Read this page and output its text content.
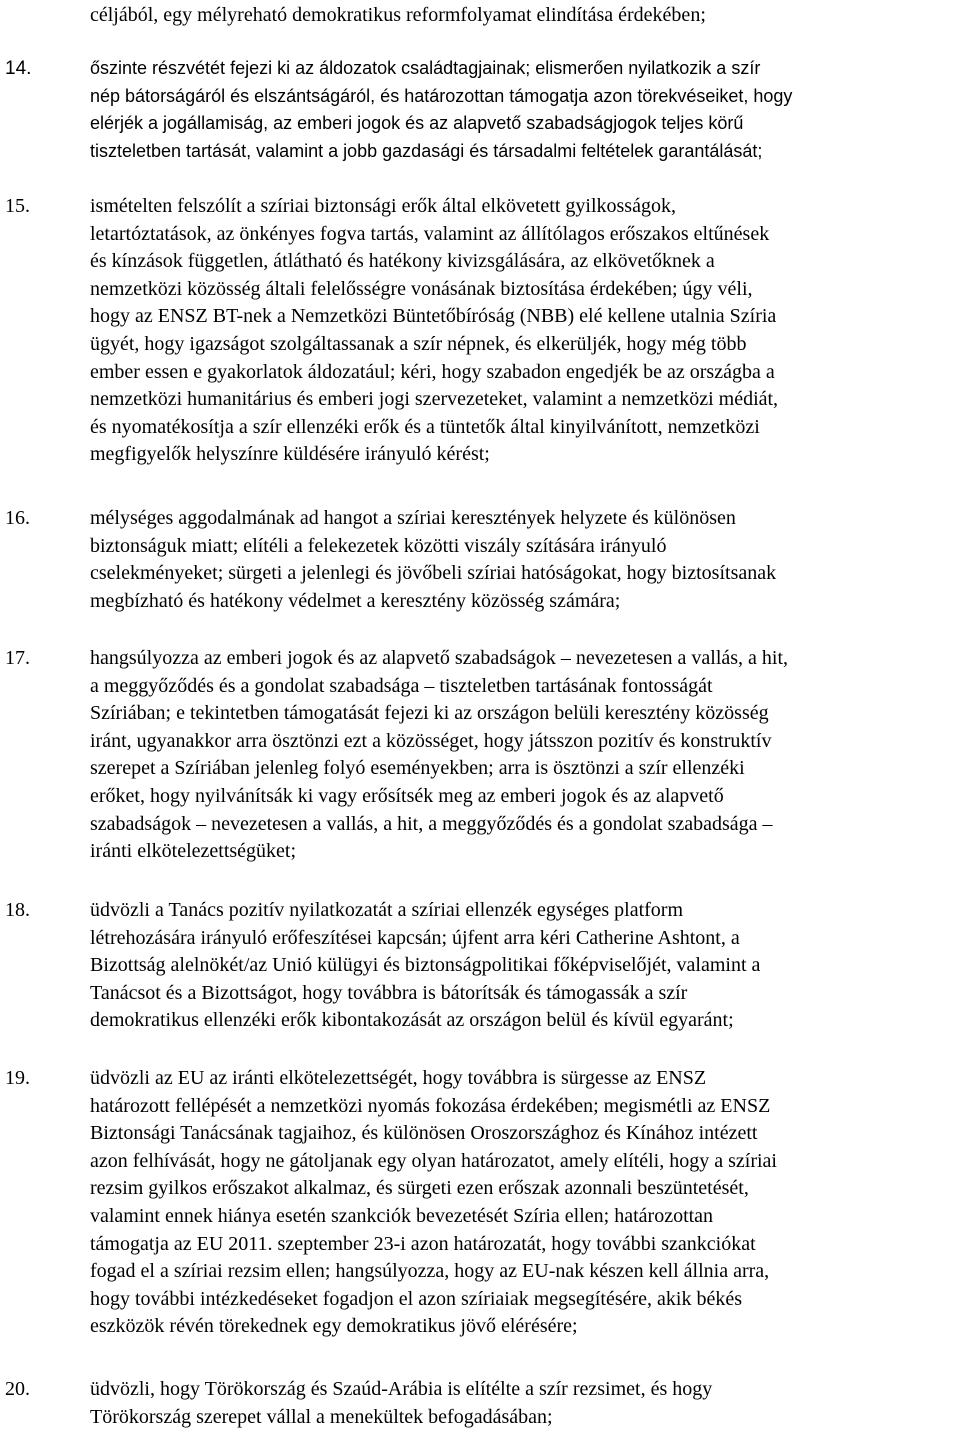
céljából, egy mélyreható demokratikus reformfolyamat elindítása érdekében;
14.	őszinte részvétét fejezi ki az áldozatok családtagjainak; elismerően nyilatkozik a szír
nép bátorságáról és elszántságáról, és határozottan támogatja azon törekvéseiket, hogy
elérjék a jogállamiság, az emberi jogok és az alapvető szabadságjogok teljes körű
tiszteletben tartását, valamint a jobb gazdasági és társadalmi feltételek garantálását;
15.	ismételten felszólít a szíriai biztonsági erők által elkövetett gyilkosságok,
letartóztatások, az önkényes fogva tartás, valamint az állítólagos erőszakos eltűnések
és kínzások független, átlátható és hatékony kivizsgálására, az elkövetőknek a
nemzetközi közösség általi felelősségre vonásának biztosítása érdekében; úgy véli,
hogy az ENSZ BT-nek a Nemzetközi Büntetőbíróság (NBB) elé kellene utalnia Szíria
ügyét, hogy igazságot szolgáltassanak a szír népnek, és elkerüljék, hogy még több
ember essen e gyakorlatok áldozatául; kéri, hogy szabadon engedjék be az országba a
nemzetközi humanitárius és emberi jogi szervezeteket, valamint a nemzetközi médiát,
és nyomatékosítja a szír ellenzéki erők és a tüntetők által kinyilvánított, nemzetközi
megfigyelők helyszínre küldésére irányuló kérést;
16.	mélységes aggodalmának ad hangot a szíriai keresztények helyzete és különösen
biztonságuk miatt; elítéli a felekezetek közötti viszály szítására irányuló
cselekményeket; sürgeti a jelenlegi és jövőbeli szíriai hatóságokat, hogy biztosítsanak
megbízható és hatékony védelmet a keresztény közösség számára;
17.	hangsúlyozza az emberi jogok és az alapvető szabadságok – nevezetesen a vallás, a hit,
a meggyőződés és a gondolat szabadsága – tiszteletben tartásának fontosságát
Szíriában; e tekintetben támogatását fejezi ki az országon belüli keresztény közösség
iránt, ugyanakkor arra ösztönzi ezt a közösséget, hogy játsszon pozitív és konstruktív
szerepet a Szíriában jelenleg folyó eseményekben; arra is ösztönzi a szír ellenzéki
erőket, hogy nyilvánítsák ki vagy erősítsék meg az emberi jogok és az alapvető
szabadságok – nevezetesen a vallás, a hit, a meggyőződés és a gondolat szabadsága –
iránti elkötelezettségüket;
18.	üdvözli a Tanács pozitív nyilatkozatát a szíriai ellenzék egységes platform
létrehozására irányuló erőfeszítései kapcsán; újfent arra kéri Catherine Ashtont, a
Bizottság alelnökét/az Unió külügyi és biztonságpolitikai főképviselőjét, valamint a
Tanácsot és a Bizottságot, hogy továbbra is bátorítsák és támogassák a szír
demokratikus ellenzéki erők kibontakozását az országon belül és kívül egyaránt;
19.	üdvözli az EU az iránti elkötelezettségét, hogy továbbra is sürgesse az ENSZ
határozott fellépését a nemzetközi nyomás fokozása érdekében; megismétli az ENSZ
Biztonsági Tanácsának tagjaihoz, és különösen Oroszországhoz és Kínához intézett
azon felhívását, hogy ne gátoljanak egy olyan határozatot, amely elítéli, hogy a szíriai
rezsim gyilkos erőszakot alkalmaz, és sürgeti ezen erőszak azonnali beszüntetését,
valamint ennek hiánya esetén szankciók bevezetését Szíria ellen; határozottan
támogatja az EU 2011. szeptember 23-i azon határozatát, hogy további szankciókat
fogad el a szíriai rezsim ellen; hangsúlyozza, hogy az EU-nak készen kell állnia arra,
hogy további intézkedéseket fogadjon el azon szíriaiak megsegítésére, akik békés
eszközök révén törekednek egy demokratikus jövő elérésére;
20.	üdvözli, hogy Törökország és Szaúd-Arábia is elítélte a szír rezsimet, és hogy
Törökország szerepet vállal a menekültek befogadásában;
